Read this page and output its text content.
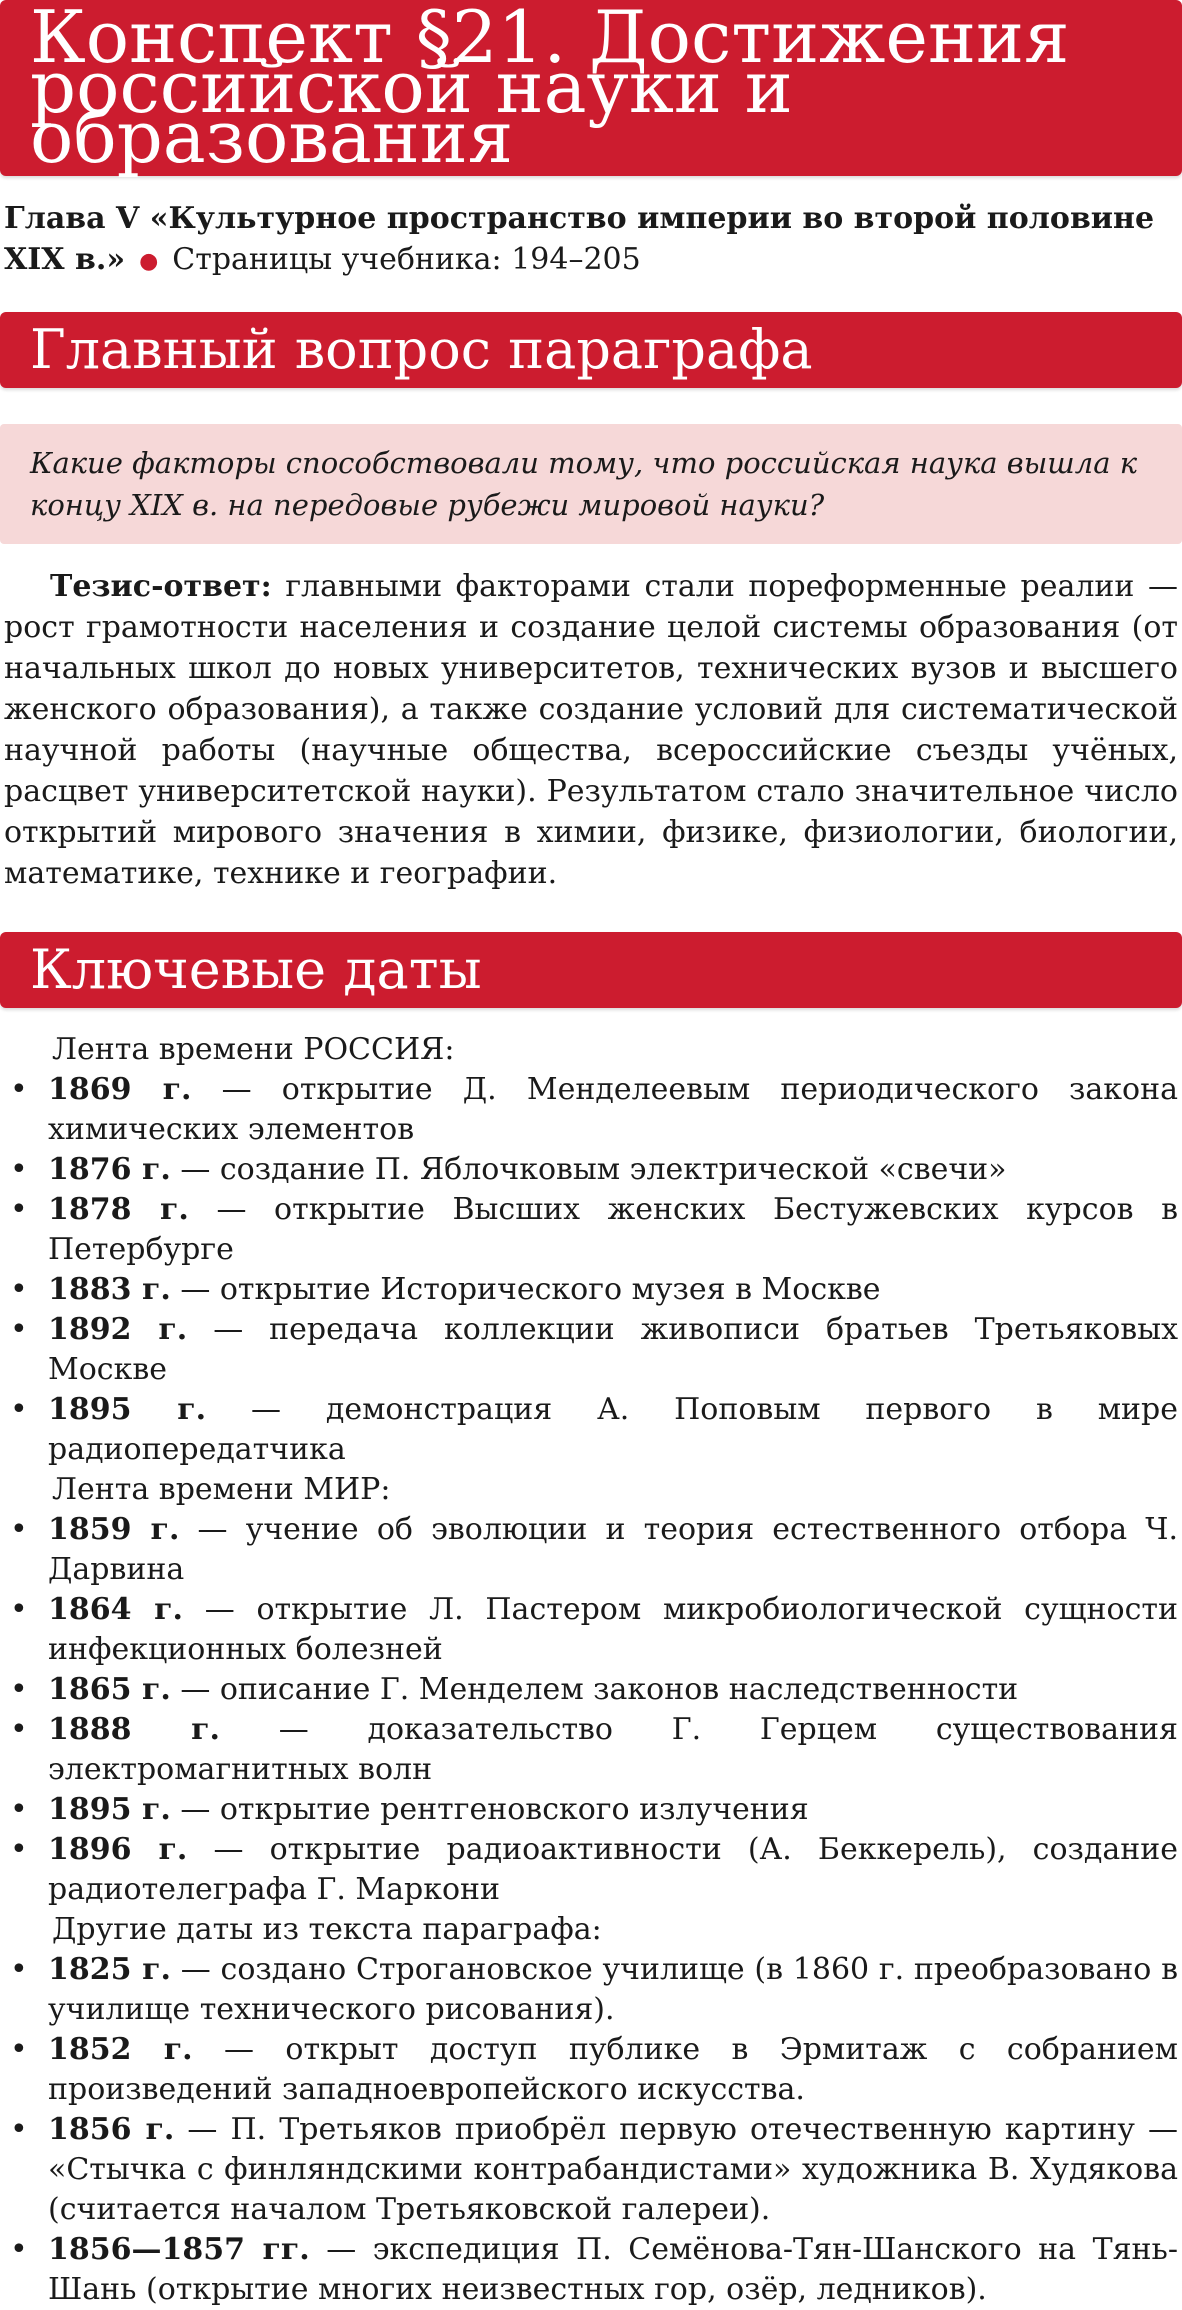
Конспект §21. Достижения российской науки и образования
Глава V «Культурное пространство империи во второй половине XIX в.» ● Страницы учебника: 194–205
Главный вопрос параграфа
Какие факторы способствовали тому, что российская наука вышла к концу XIX в. на передовые рубежи мировой науки?
Тезис-ответ: главными факторами стали пореформенные реалии — рост грамотности населения и создание целой системы образования (от начальных школ до новых университетов, технических вузов и высшего женского образования), а также создание условий для систематической научной работы (научные общества, всероссийские съезды учёных, расцвет университетской науки). Результатом стало значительное число открытий мирового значения в химии, физике, физиологии, биологии, математике, технике и географии.
Ключевые даты

Лента времени РОССИЯ:

• 1869 г. — открытие Д. Менделеевым периодического закона химических элементов
• 1876 г. — создание П. Яблочковым электрической «свечи»
• 1878 г. — открытие Высших женских Бестужевских курсов в Петербурге
• 1883 г. — открытие Исторического музея в Москве
• 1892 г. — передача коллекции живописи братьев Третьяковых Москве
• 1895 г. — демонстрация А. Поповым первого в мире радиопередатчика

Лента времени МИР:

• 1859 г. — учение об эволюции и теория естественного отбора Ч. Дарвина
• 1864 г. — открытие Л. Пастером микробиологической сущности инфекционных болезней
• 1865 г. — описание Г. Менделем законов наследственности
• 1888 г. — доказательство Г. Герцем существования электромагнитных волн
• 1895 г. — открытие рентгеновского излучения
• 1896 г. — открытие радиоактивности (А. Беккерель), создание радиотелеграфа Г. Маркони

Другие даты из текста параграфа:

• 1825 г. — создано Строгановское училище (в 1860 г. преобразовано в училище технического рисования).
• 1852 г. — открыт доступ публике в Эрмитаж с собранием произведений западноевропейского искусства.
• 1856 г. — П. Третьяков приобрёл первую отечественную картину — «Стычка с финляндскими контрабандистами» художника В. Худякова (считается началом Третьяковской галереи).
• 1856—1857 гг. — экспедиция П. Семёнова-Тян-Шанского на Тянь-Шань (открытие многих неизвестных гор, озёр, ледников).
